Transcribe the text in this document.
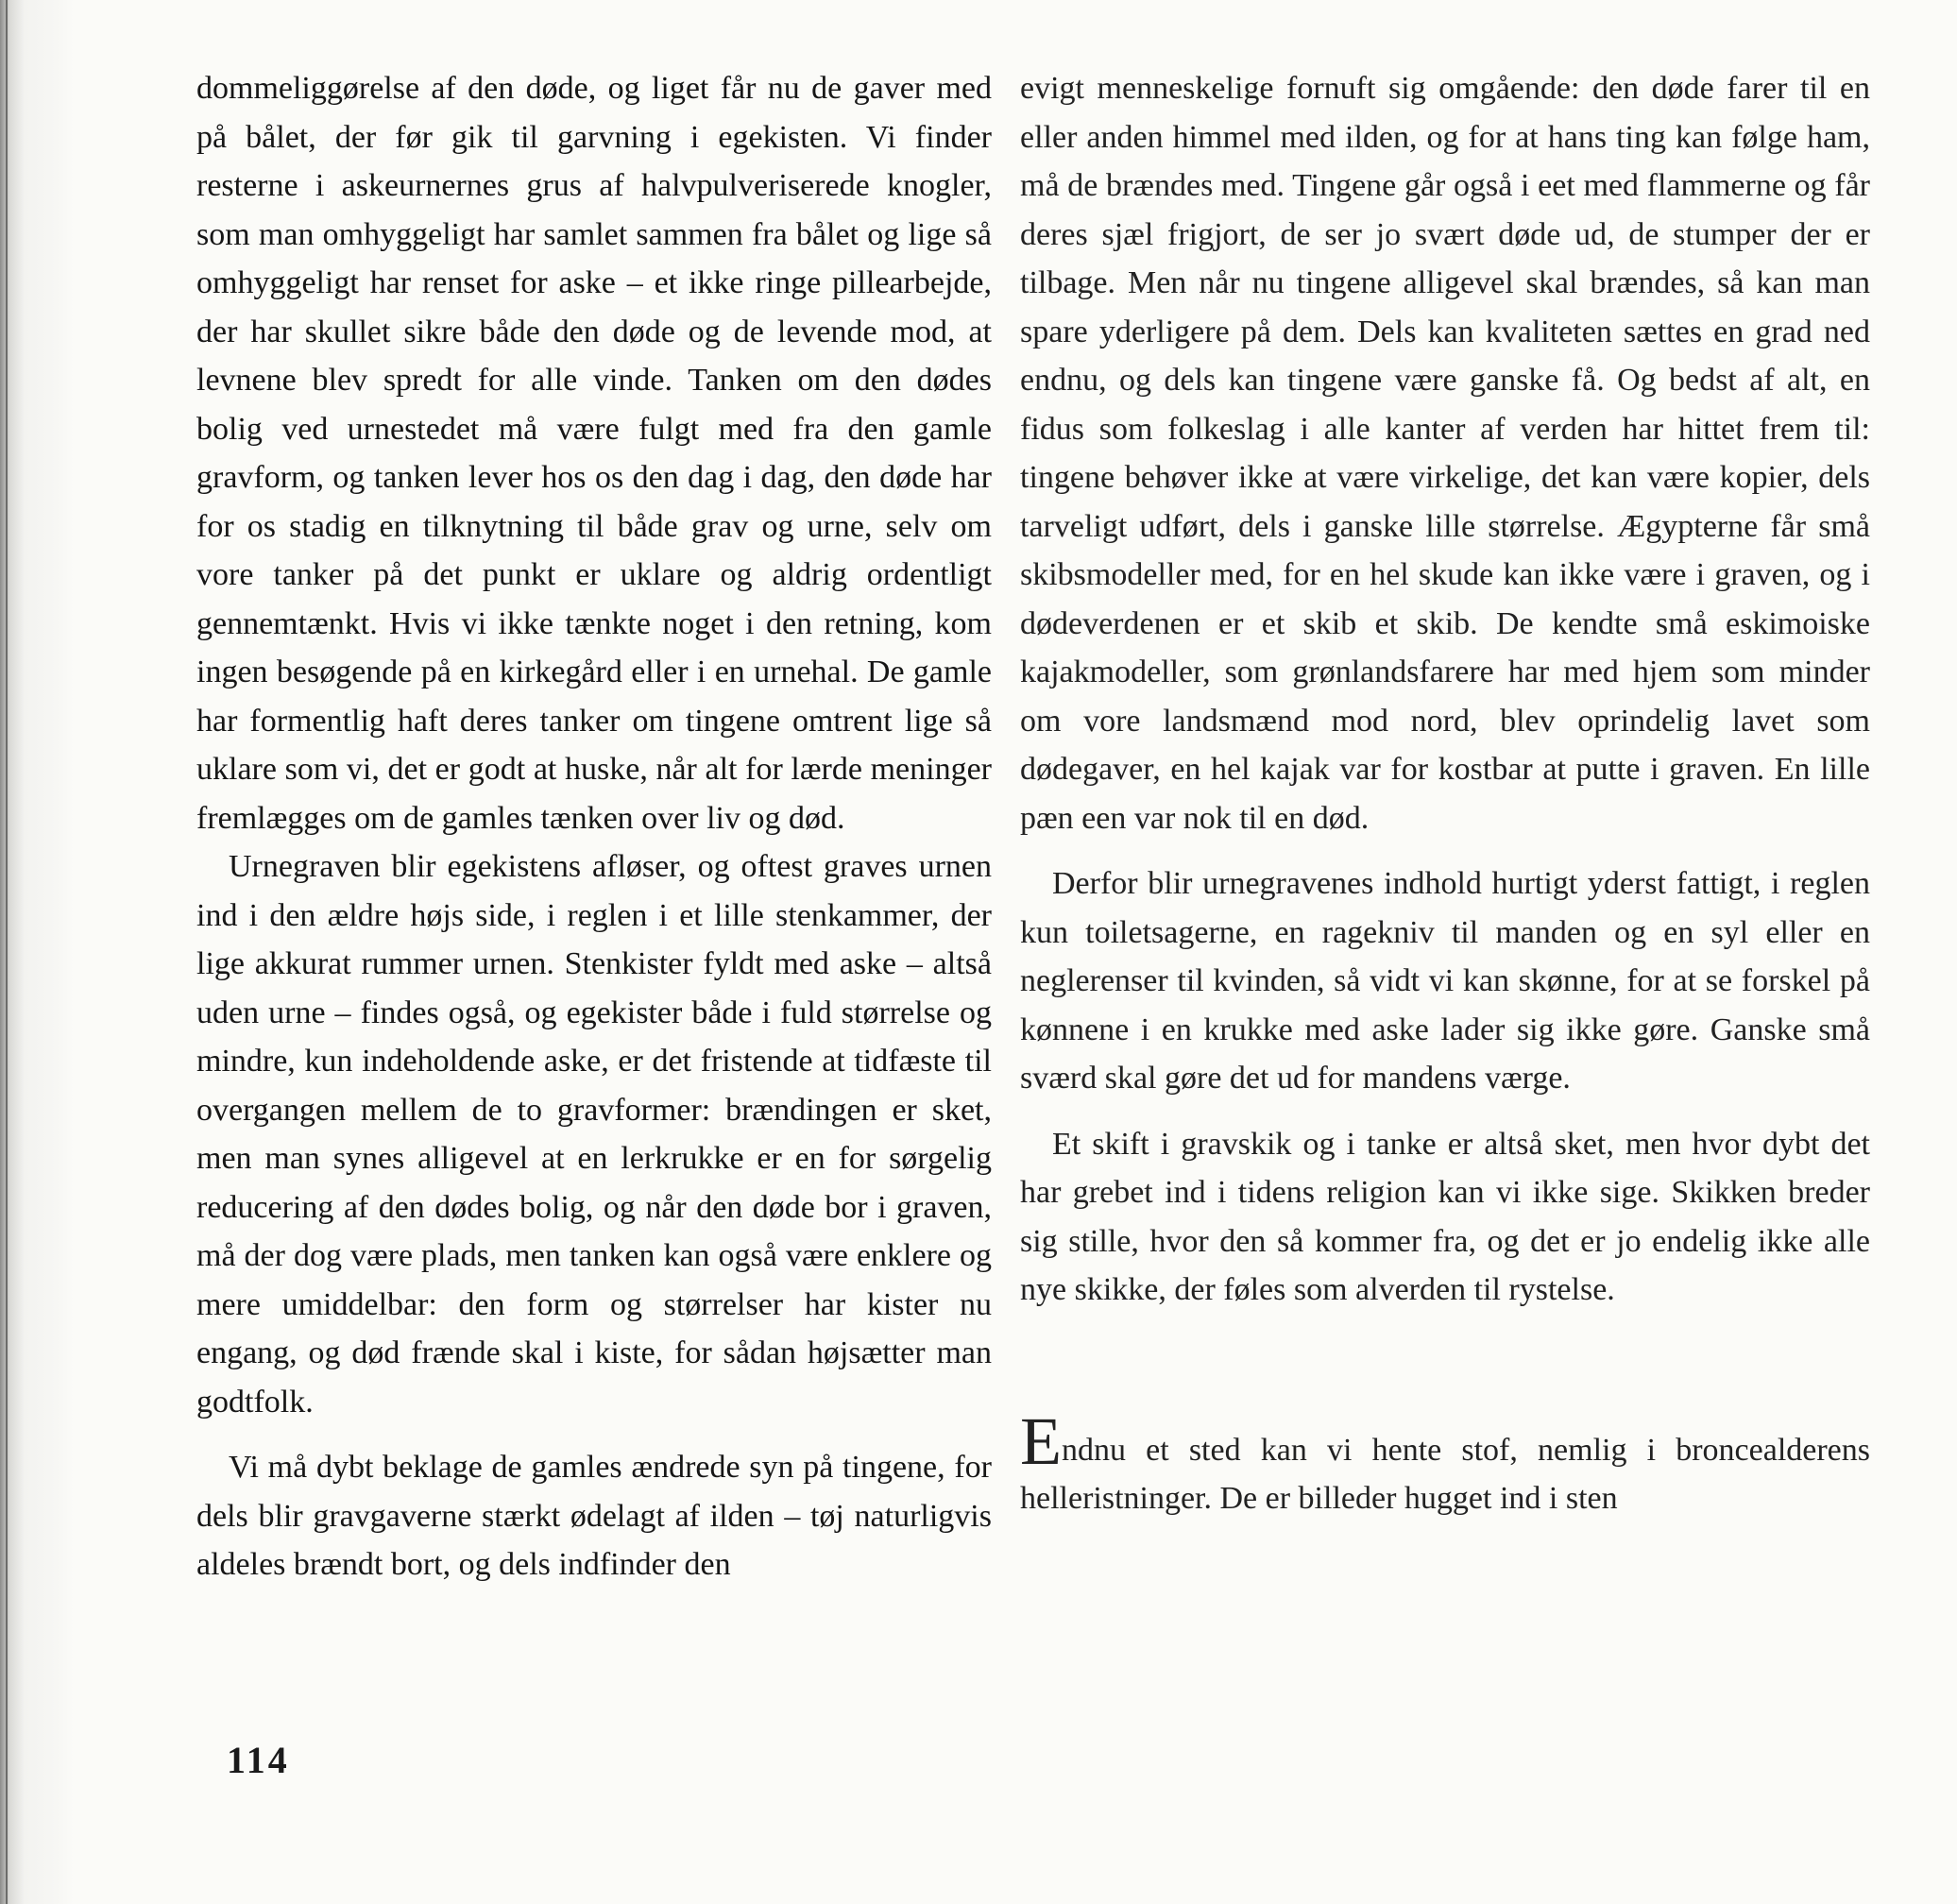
dommeliggørelse af den døde, og liget får nu de gaver med på bålet, der før gik til garvning i egekisten. Vi finder resterne i askeurnernes grus af halvpulveriserede knogler, som man omhyggeligt har samlet sammen fra bålet og lige så omhyggeligt har renset for aske – et ikke ringe pillearbejde, der har skullet sikre både den døde og de levende mod, at levnene blev spredt for alle vinde. Tanken om den dødes bolig ved urnestedet må være fulgt med fra den gamle gravform, og tanken lever hos os den dag i dag, den døde har for os stadig en tilknytning til både grav og urne, selv om vore tanker på det punkt er uklare og aldrig ordentligt gennemtænkt. Hvis vi ikke tænkte noget i den retning, kom ingen besøgende på en kirkegård eller i en urnehal. De gamle har formentlig haft deres tanker om tingene omtrent lige så uklare som vi, det er godt at huske, når alt for lærde meninger fremlægges om de gamles tænken over liv og død.

Urnegraven blir egekistens afløser, og oftest graves urnen ind i den ældre højs side, i reglen i et lille stenkammer, der lige akkurat rummer urnen. Stenkister fyldt med aske – altså uden urne – findes også, og egekister både i fuld størrelse og mindre, kun indeholdende aske, er det fristende at tidfæste til overgangen mellem de to gravformer: brændingen er sket, men man synes alligevel at en lerkrukke er en for sørgelig reducering af den dødes bolig, og når den døde bor i graven, må der dog være plads, men tanken kan også være enklere og mere umiddelbar: den form og størrelser har kister nu engang, og død frænde skal i kiste, for sådan højsætter man godtfolk.

Vi må dybt beklage de gamles ændrede syn på tingene, for dels blir gravgaverne stærkt ødelagt af ilden – tøj naturligvis aldeles brændt bort, og dels indfinder den

evigt menneskelige fornuft sig omgående: den døde farer til en eller anden himmel med ilden, og for at hans ting kan følge ham, må de brændes med. Tingene går også i eet med flammerne og får deres sjæl frigjort, de ser jo svært døde ud, de stumper der er tilbage. Men når nu tingene alligevel skal brændes, så kan man spare yderligere på dem. Dels kan kvaliteten sættes en grad ned endnu, og dels kan tingene være ganske få. Og bedst af alt, en fidus som folkeslag i alle kanter af verden har hittet frem til: tingene behøver ikke at være virkelige, det kan være kopier, dels tarveligt udført, dels i ganske lille størrelse. Ægypterne får små skibsmodeller med, for en hel skude kan ikke være i graven, og i dødeverdenen er et skib et skib. De kendte små eskimoiske kajakmodeller, som grønlandsfarere har med hjem som minder om vore landsmænd mod nord, blev oprindelig lavet som dødegaver, en hel kajak var for kostbar at putte i graven. En lille pæn een var nok til en død.

Derfor blir urnegravenes indhold hurtigt yderst fattigt, i reglen kun toiletsagerne, en ragekniv til manden og en syl eller en neglerenser til kvinden, så vidt vi kan skønne, for at se forskel på kønnene i en krukke med aske lader sig ikke gøre. Ganske små sværd skal gøre det ud for mandens værge.

Et skift i gravskik og i tanke er altså sket, men hvor dybt det har grebet ind i tidens religion kan vi ikke sige. Skikken breder sig stille, hvor den så kommer fra, og det er jo endelig ikke alle nye skikke, der føles som alverden til rystelse.

Endnu et sted kan vi hente stof, nemlig i broncealderens helleristninger. De er billeder hugget ind i sten

114
